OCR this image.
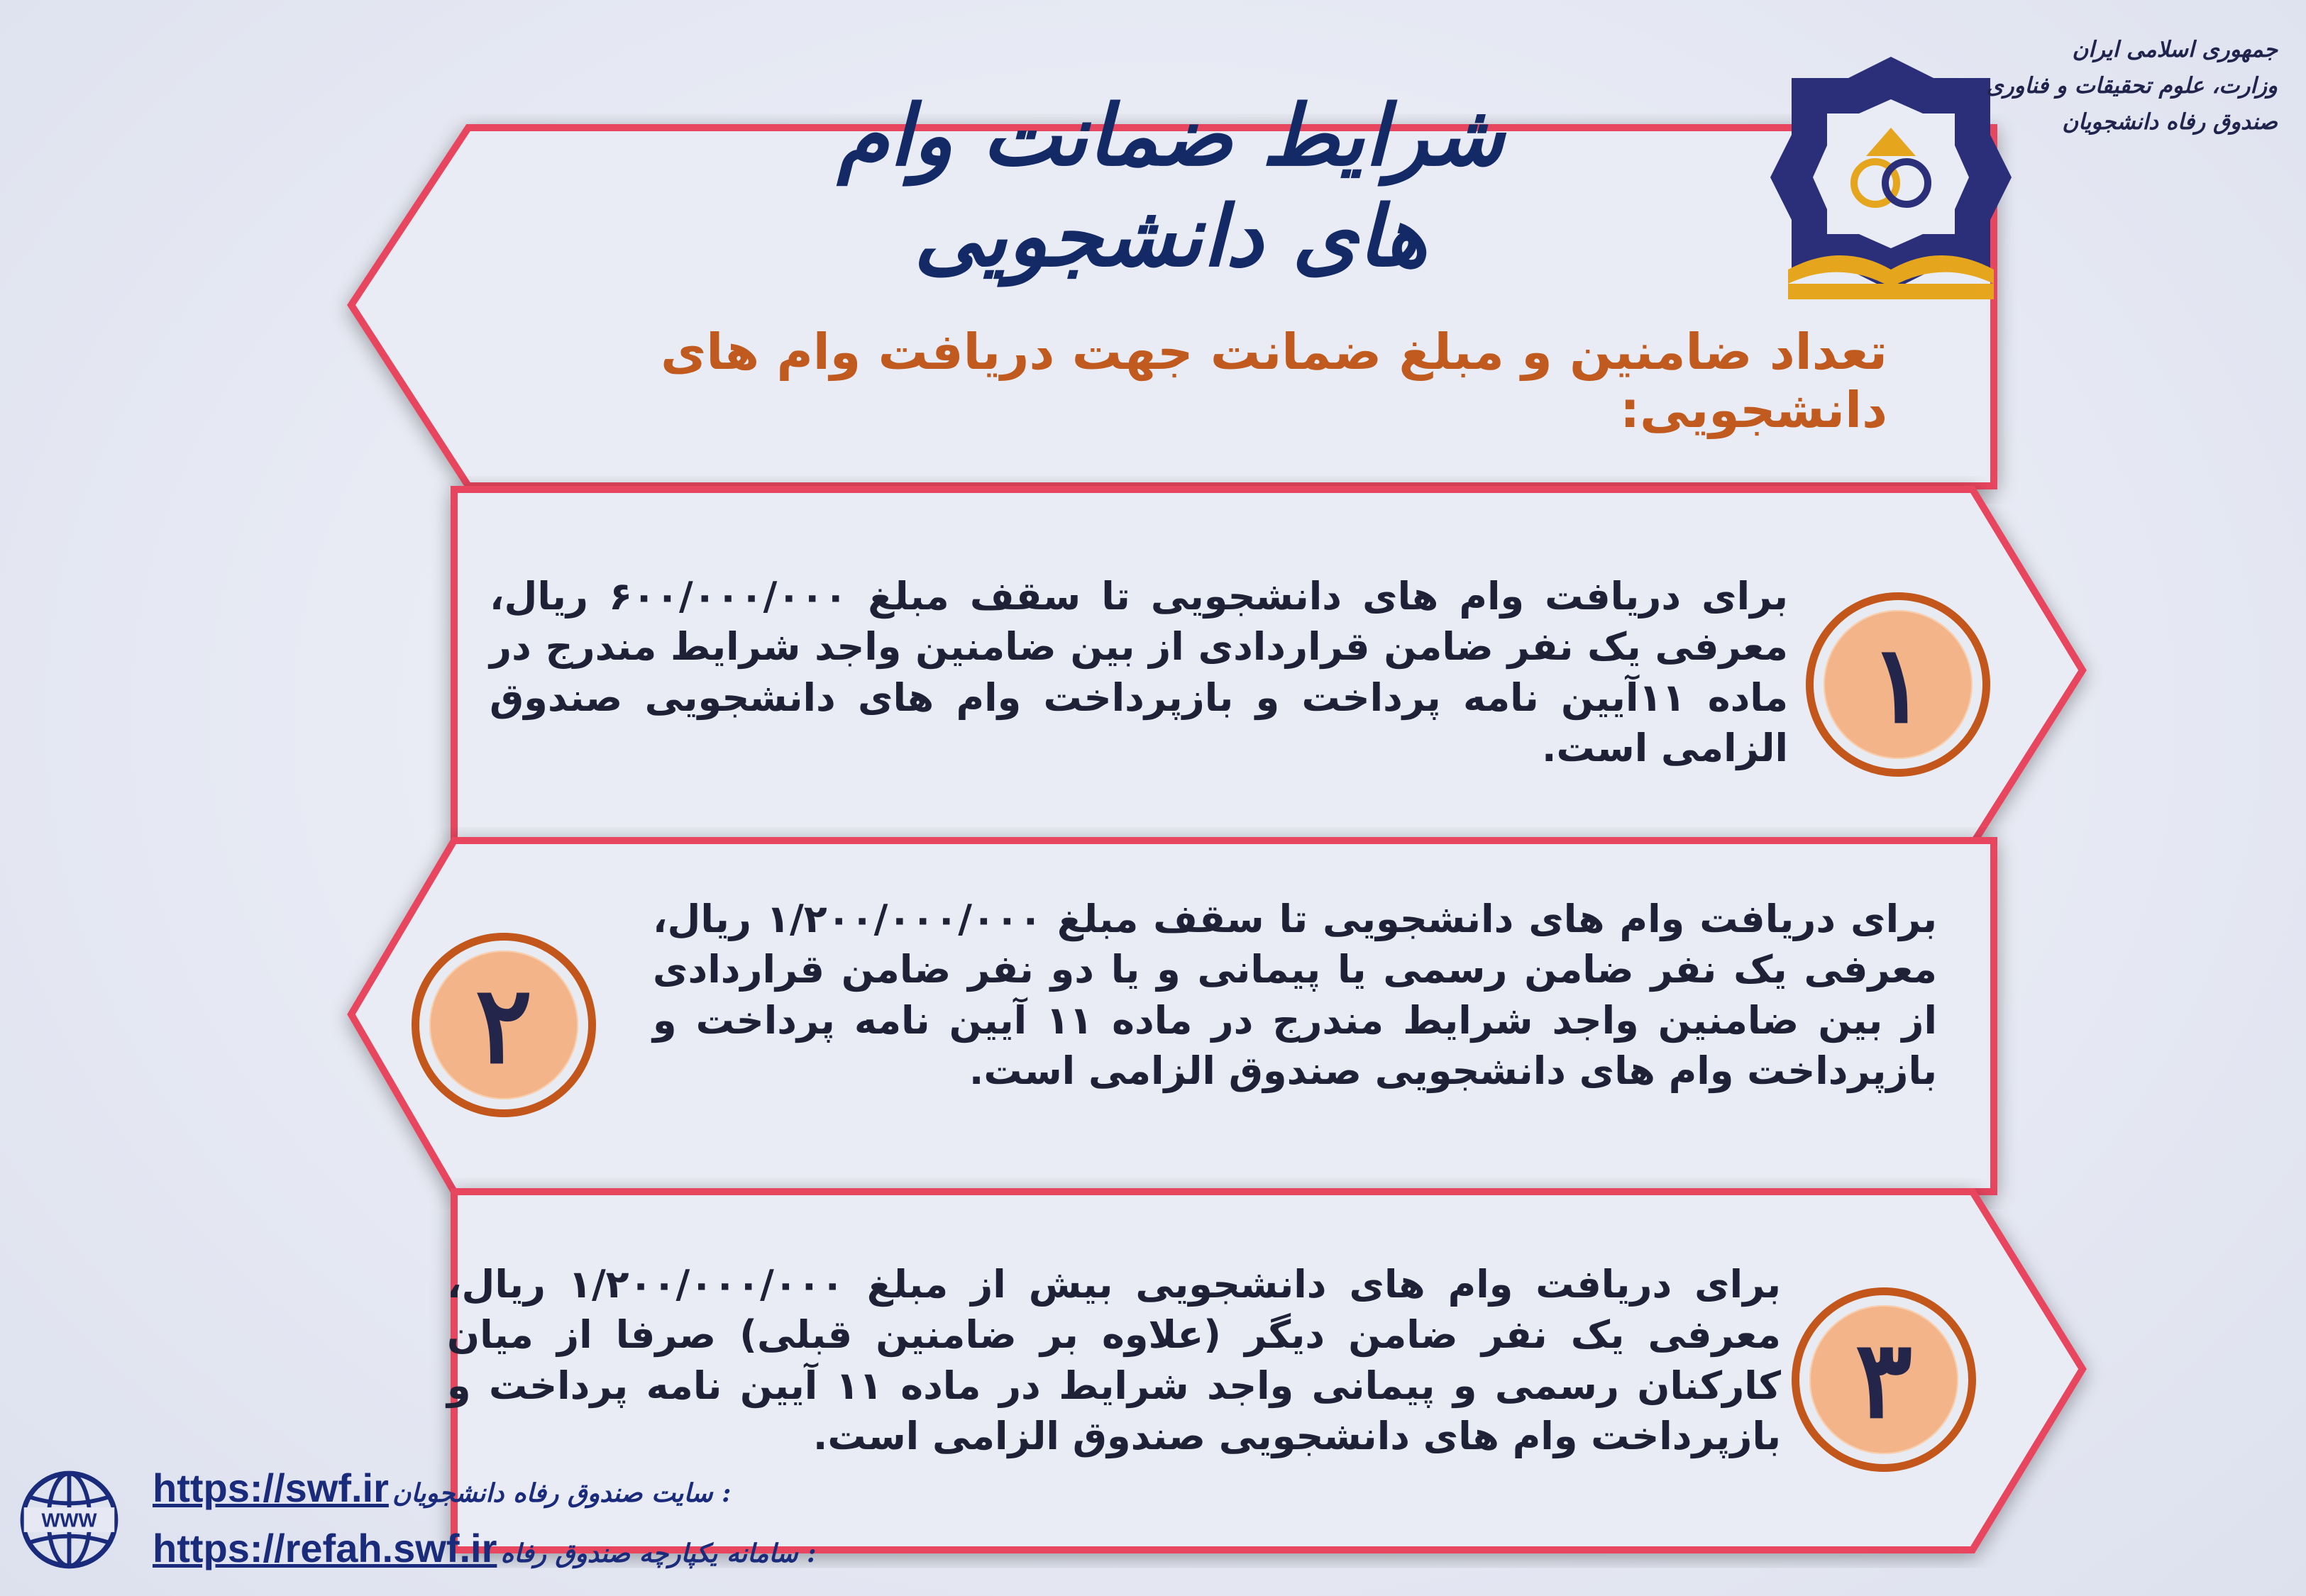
جمهوری اسلامی ایران
وزارت، علوم تحقیقات و فناوری
صندوق رفاه دانشجویان
شرایط ضمانت وام های دانشجویی
تعداد ضامنین و مبلغ ضمانت جهت دریافت وام های دانشجویی:
برای دریافت وام های دانشجویی تا سقف مبلغ ۶۰۰/۰۰۰/۰۰۰ ریال، معرفی یک نفر ضامن قراردادی از بین ضامنین واجد شرایط مندرج در ماده ۱۱آیین نامه پرداخت و بازپرداخت وام های دانشجویی صندوق الزامی است.
برای دریافت وام های دانشجویی تا سقف مبلغ ۱/۲۰۰/۰۰۰/۰۰۰ ریال، معرفی یک نفر ضامن رسمی یا پیمانی و یا دو نفر ضامن قراردادی از بین ضامنین واجد شرایط مندرج در ماده ۱۱ آیین نامه پرداخت و بازپرداخت وام های دانشجویی صندوق الزامی است.
برای دریافت وام های دانشجویی بیش از مبلغ ۱/۲۰۰/۰۰۰/۰۰۰ ریال، معرفی یک نفر ضامن دیگر (علاوه بر ضامنین قبلی) صرفا از میان کارکنان رسمی و پیمانی واجد شرایط در ماده ۱۱ آیین نامه پرداخت و بازپرداخت وام های دانشجویی صندوق الزامی است.
۱
۲
۳
WWW
https://swf.ir : سایت صندوق رفاه دانشجویان
https://refah.swf.ir : سامانه یکپارچه صندوق رفاه
